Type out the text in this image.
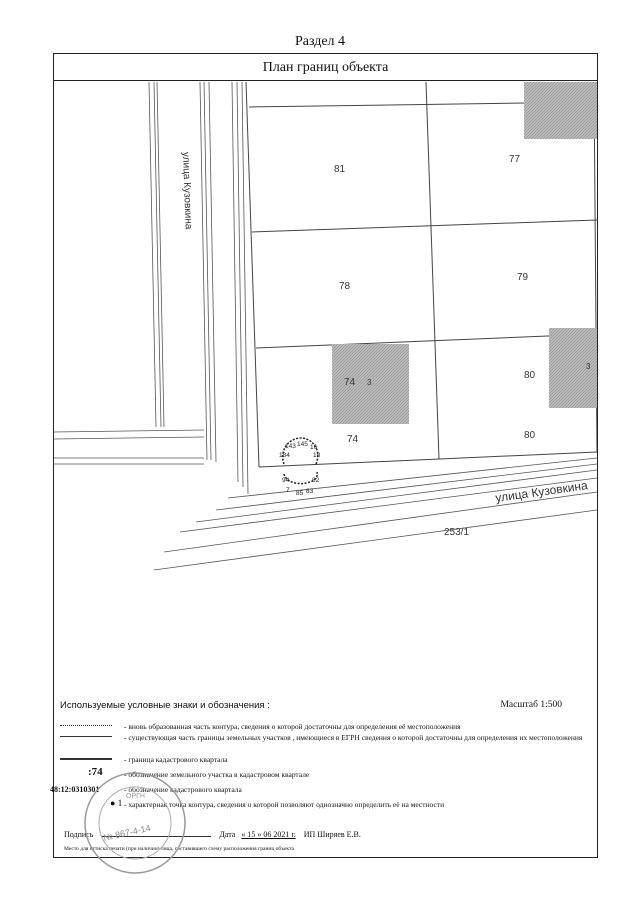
Раздел 4
План границ объекта
81
77
78
79
74
80
74	80
253/1
3
3
улица Кузовкина
улица Кузовкина
143 145 16
184	18
94	82
7 85 83
Используемые условные знаки и обозначения :	Масштаб 1:500
- вновь образованная часть контура, сведения о которой достаточны для определения её местоположения
- существующая часть границы земельных участков , имеющиеся в ЕГРН сведения о которой достаточны для определения их местоположения
- граница кадастрового квартала
:74	- обозначение земельного участка в кадастровом квартале
48:12:0310301	- обозначение кадастрового квартала
● 1 - характерная точка контура, сведения о которой позволяют однозначно определить её на местности
Подпись	Дата « 15 » 06 2021 г. ИП Ширяев Е.В.
Место для оттиска печати (при наличии) лица, составившего схему расположения границ объекта
ОРГН
№ 867-4-14
